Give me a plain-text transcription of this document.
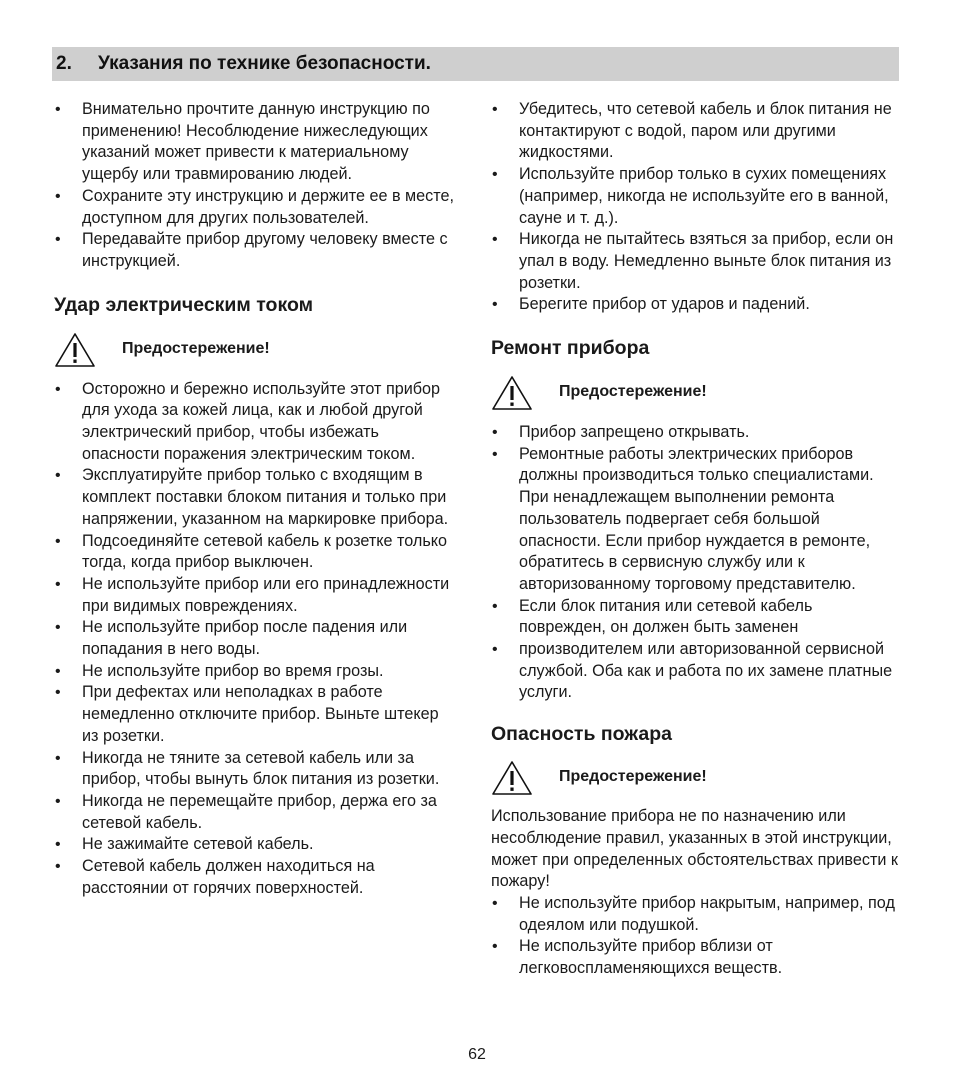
2. Указания по технике безопасности.
• Внимательно прочтите данную инструкцию по применению! Несоблюдение нижеследующих указаний может привести к материальному ущербу или травмированию людей.
• Сохраните эту инструкцию и держите ее в месте, доступном для других пользователей.
• Передавайте прибор другому человеку вместе с инструкцией.
Удар электрическим током
Предостережение!
• Осторожно и бережно используйте этот прибор для ухода за кожей лица, как и любой другой электрический прибор, чтобы избежать опасности поражения электрическим током.
• Эксплуатируйте прибор только с входящим в комплект поставки блоком питания и только при напряжении, указанном на маркировке прибора.
• Подсоединяйте сетевой кабель к розетке только тогда, когда прибор выключен.
• Не используйте прибор или его принадлежности при видимых повреждениях.
• Не используйте прибор после падения или попадания в него воды.
• Не используйте прибор во время грозы.
• При дефектах или неполадках в работе немедленно отключите прибор. Выньте штекер из розетки.
• Никогда не тяните за сетевой кабель или за прибор, чтобы вынуть блок питания из розетки.
• Никогда не перемещайте прибор, держа его за сетевой кабель.
• Не зажимайте сетевой кабель.
• Сетевой кабель должен находиться на расстоянии от горячих поверхностей.
• Убедитесь, что сетевой кабель и блок питания не контактируют с водой, паром или другими жидкостями.
• Используйте прибор только в сухих помещениях (например, никогда не используйте его в ванной, сауне и т. д.).
• Никогда не пытайтесь взяться за прибор, если он упал в воду. Немедленно выньте блок питания из розетки.
• Берегите прибор от ударов и падений.
Ремонт прибора
Предостережение!
• Прибор запрещено открывать.
• Ремонтные работы электрических приборов должны производиться только специалистами. При ненадлежащем выполнении ремонта пользователь подвергает себя большой опасности. Если прибор нуждается в ремонте, обратитесь в сервисную службу или к авторизованному торговому представителю.
• Если блок питания или сетевой кабель поврежден, он должен быть заменен
• производителем или авторизованной сервисной службой. Оба как и работа по их замене платные услуги.
Опасность пожара
Предостережение!

Использование прибора не по назначению или несоблюдение правил, указанных в этой инструкции, может при определенных обстоятельствах привести к пожару!

• Не используйте прибор накрытым, например, под одеялом или подушкой.
• Не используйте прибор вблизи от легковоспламеняющихся веществ.
62
